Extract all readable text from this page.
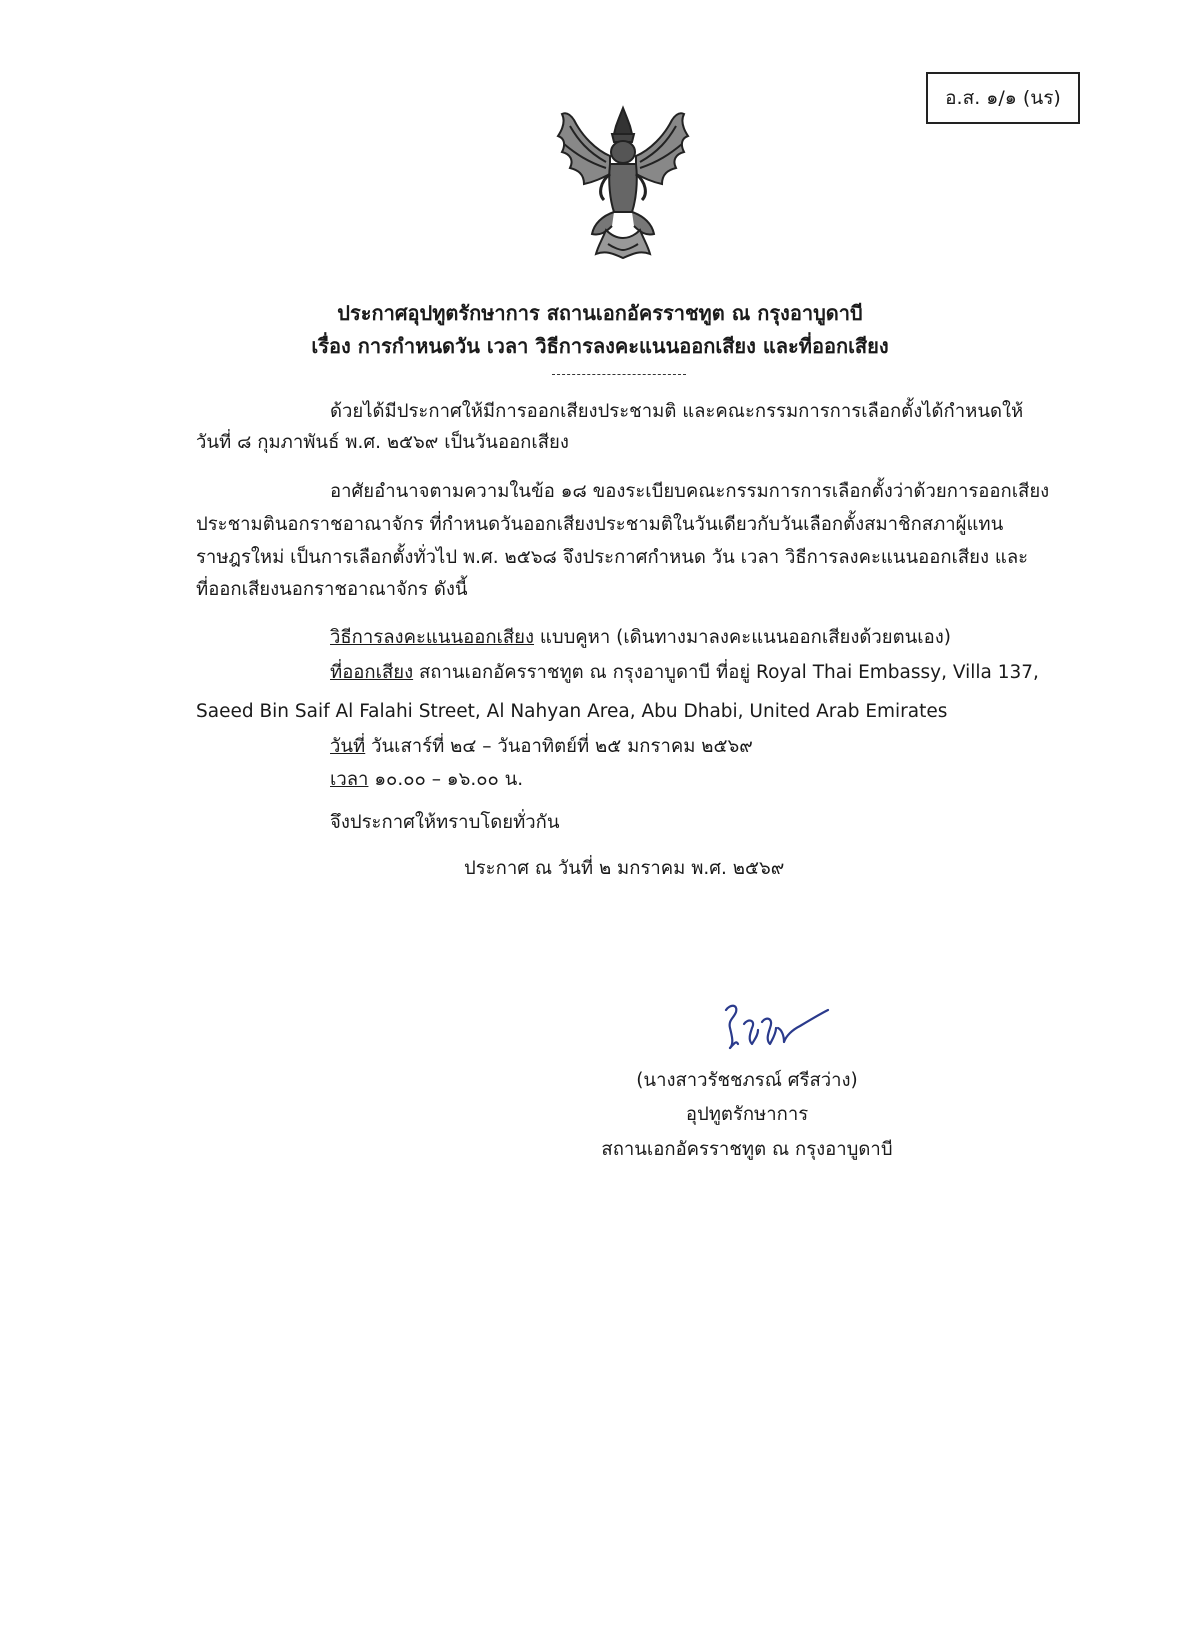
อ.ส. ๑/๑ (นร)
ประกาศอุปทูตรักษาการ สถานเอกอัครราชทูต ณ กรุงอาบูดาบี
เรื่อง การกำหนดวัน เวลา วิธีการลงคะแนนออกเสียง และที่ออกเสียง
ด้วยได้มีประกาศให้มีการออกเสียงประชามติ และคณะกรรมการการเลือกตั้งได้กำหนดให้
วันที่ ๘ กุมภาพันธ์ พ.ศ. ๒๕๖๙ เป็นวันออกเสียง
อาศัยอำนาจตามความในข้อ ๑๘ ของระเบียบคณะกรรมการการเลือกตั้งว่าด้วยการออกเสียง
ประชามตินอกราชอาณาจักร ที่กำหนดวันออกเสียงประชามติในวันเดียวกับวันเลือกตั้งสมาชิกสภาผู้แทน
ราษฎรใหม่ เป็นการเลือกตั้งทั่วไป พ.ศ. ๒๕๖๘ จึงประกาศกำหนด วัน เวลา วิธีการลงคะแนนออกเสียง และ
ที่ออกเสียงนอกราชอาณาจักร ดังนี้
วิธีการลงคะแนนออกเสียง แบบคูหา (เดินทางมาลงคะแนนออกเสียงด้วยตนเอง)
ที่ออกเสียง สถานเอกอัครราชทูต ณ กรุงอาบูดาบี ที่อยู่ Royal Thai Embassy, Villa 137,
Saeed Bin Saif Al Falahi Street, Al Nahyan Area, Abu Dhabi, United Arab Emirates
วันที่ วันเสาร์ที่ ๒๔ – วันอาทิตย์ที่ ๒๕ มกราคม ๒๕๖๙
เวลา ๑๐.๐๐ – ๑๖.๐๐ น.
จึงประกาศให้ทราบโดยทั่วกัน
ประกาศ ณ วันที่ ๒ มกราคม พ.ศ. ๒๕๖๙
(นางสาวรัชชภรณ์ ศรีสว่าง)
อุปทูตรักษาการ
สถานเอกอัครราชทูต ณ กรุงอาบูดาบี
